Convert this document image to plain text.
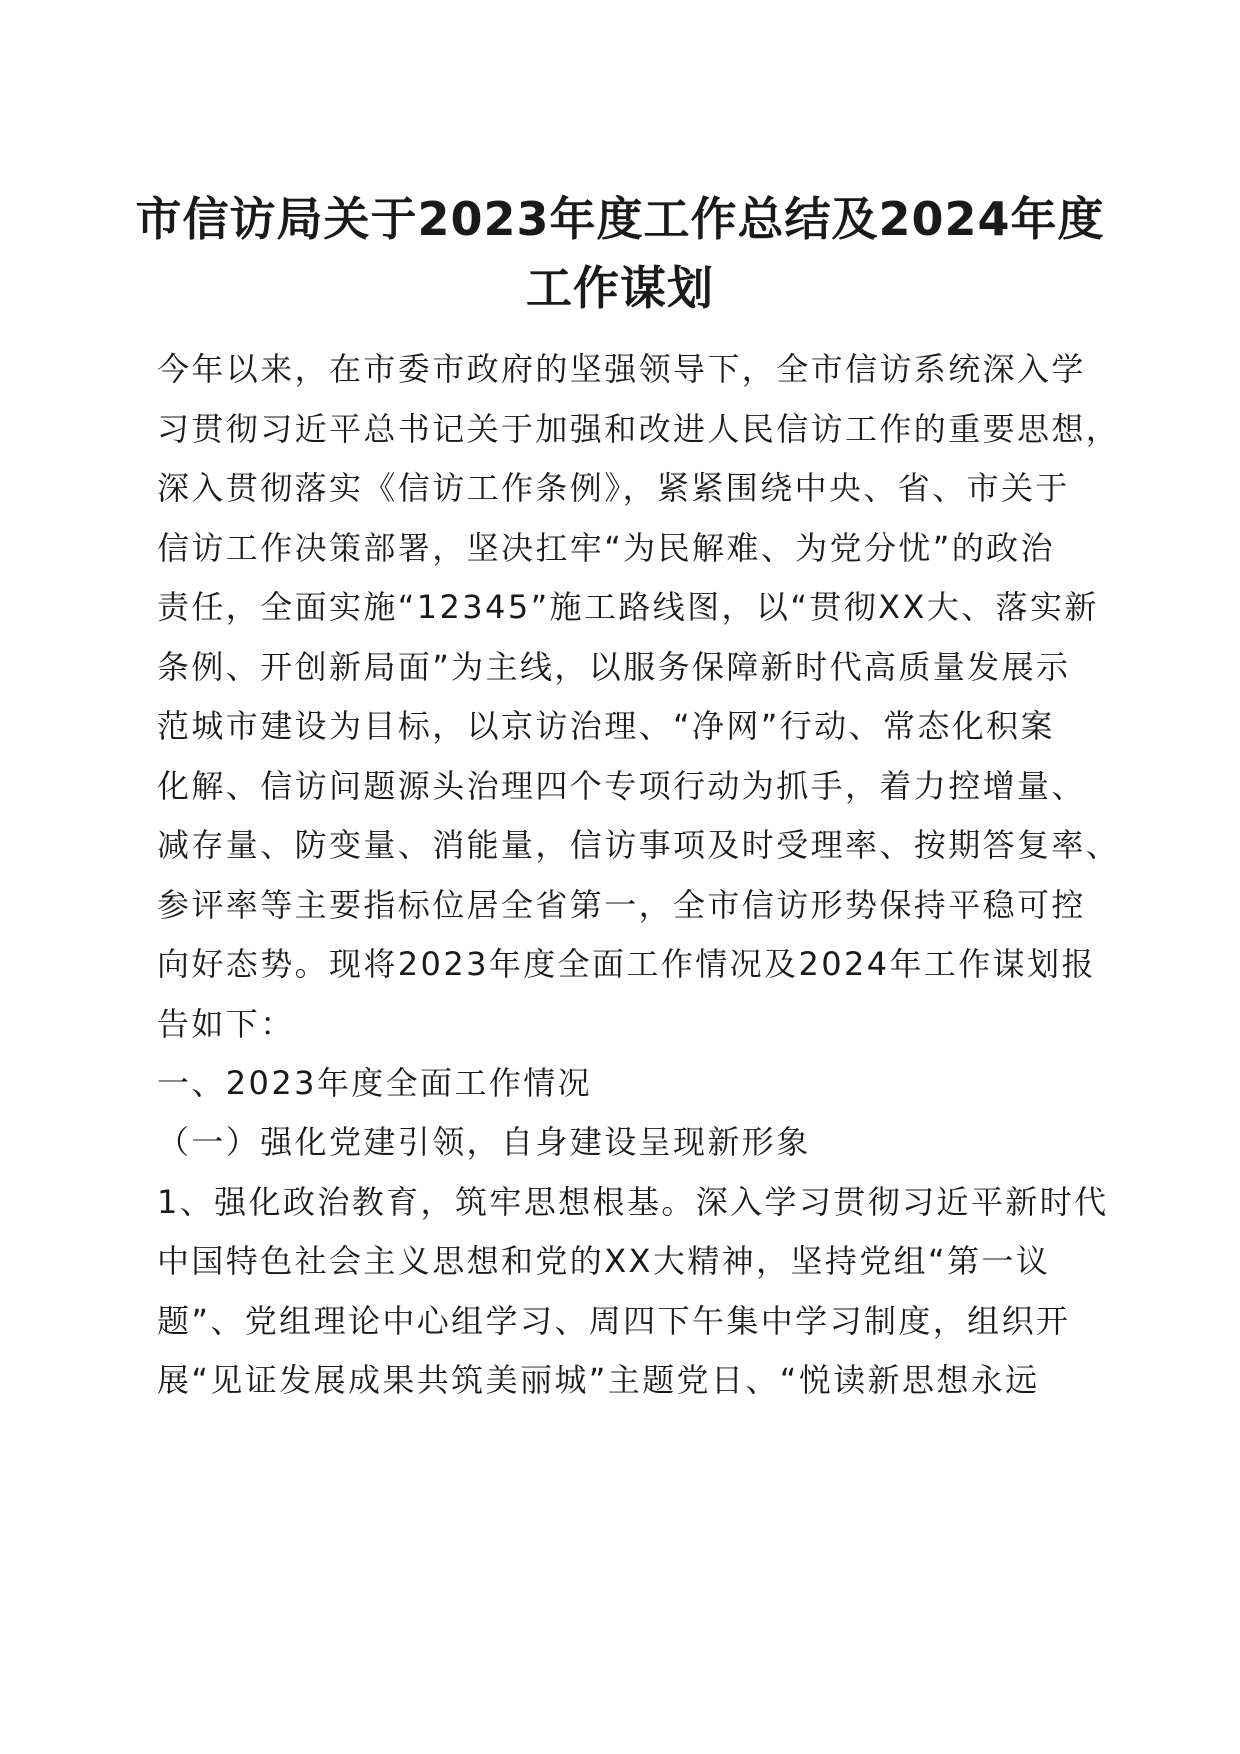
市信访局关于2023年度工作总结及2024年度
工作谋划
今年以来，在市委市政府的坚强领导下，全市信访系统深入学
习贯彻习近平总书记关于加强和改进人民信访工作的重要思想，
深入贯彻落实《信访工作条例》，紧紧围绕中央、省、市关于
信访工作决策部署，坚决扛牢“为民解难、为党分忧”的政治
责任，全面实施“12345”施工路线图，以“贯彻XX大、落实新
条例、开创新局面”为主线，以服务保障新时代高质量发展示
范城市建设为目标，以京访治理、“净网”行动、常态化积案
化解、信访问题源头治理四个专项行动为抓手，着力控增量、
减存量、防变量、消能量，信访事项及时受理率、按期答复率、
参评率等主要指标位居全省第一，全市信访形势保持平稳可控
向好态势。现将2023年度全面工作情况及2024年工作谋划报
告如下：
一、2023年度全面工作情况
（一）强化党建引领，自身建设呈现新形象
1、强化政治教育，筑牢思想根基。深入学习贯彻习近平新时代
中国特色社会主义思想和党的XX大精神，坚持党组“第一议
题”、党组理论中心组学习、周四下午集中学习制度，组织开
展“见证发展成果共筑美丽城”主题党日、“悦读新思想永远
